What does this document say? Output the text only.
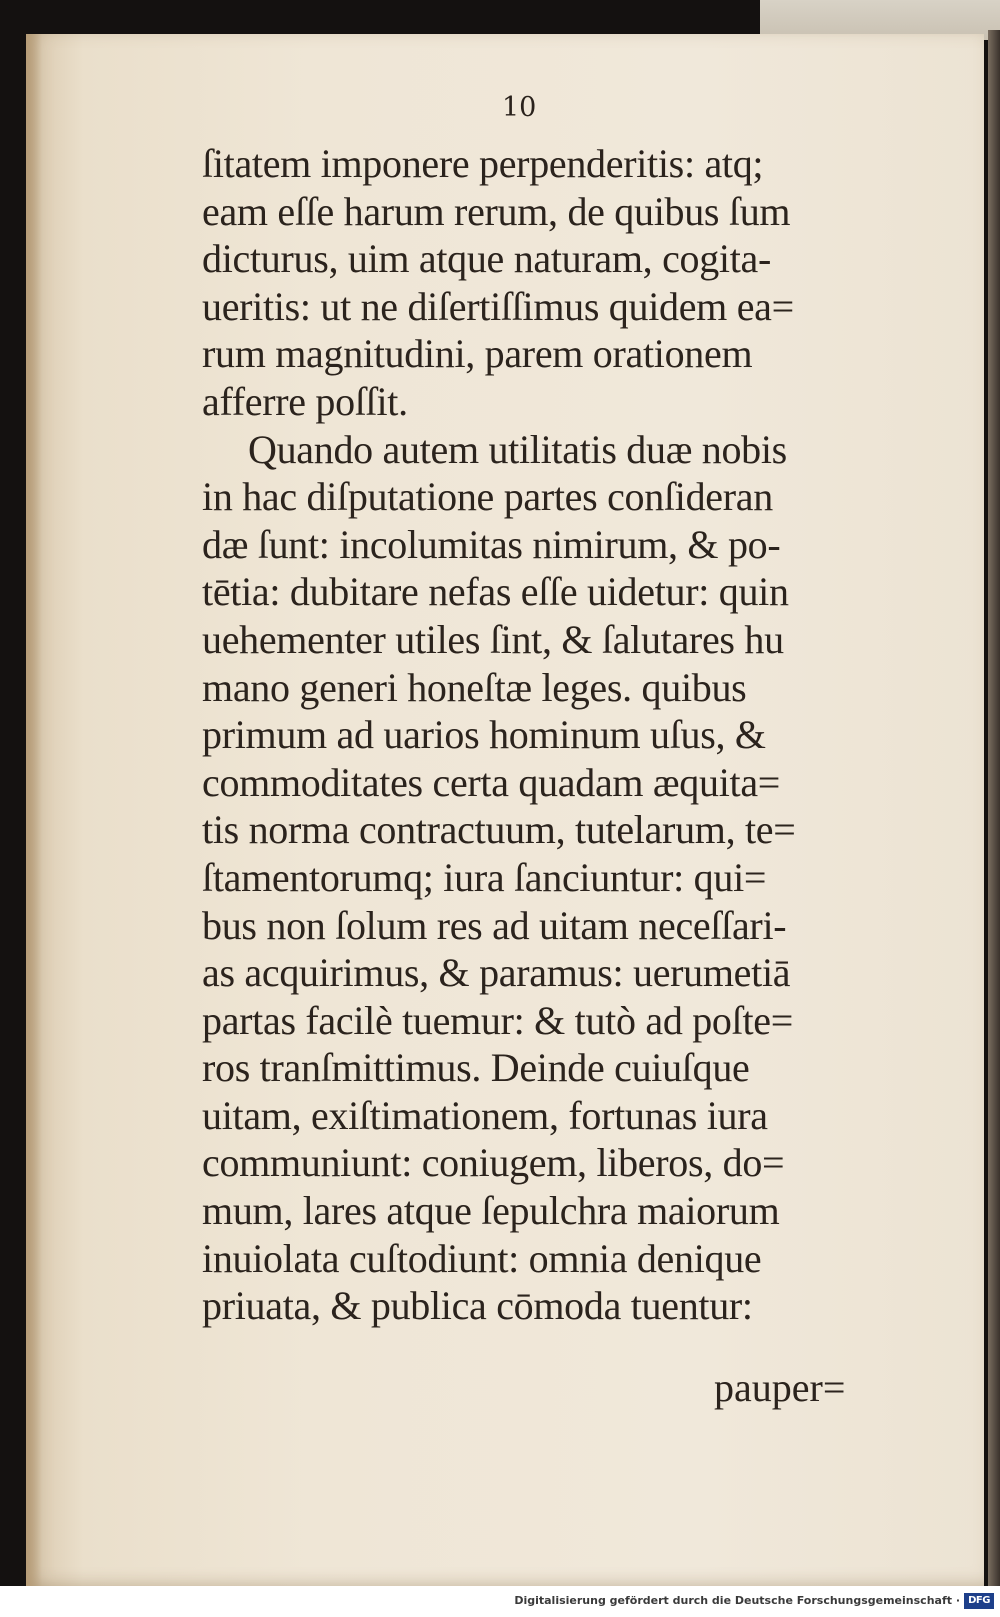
10
ſitatem imponere perpenderitis: atq;
eam eſſe harum rerum, de quibus ſum
dicturus, uim atque naturam, cogita-
ueritis: ut ne diſertiſſimus quidem ea=
rum magnitudini, parem orationem
afferre poſſit.
Quando autem utilitatis duæ nobis
in hac diſputatione partes conſideran
dæ ſunt: incolumitas nimirum, & po-
tētia: dubitare nefas eſſe uidetur: quin
uehementer utiles ſint, & ſalutares hu
mano generi honeſtæ leges. quibus
primum ad uarios hominum uſus, &
commoditates certa quadam æquita=
tis norma contractuum, tutelarum, te=
ſtamentorumq; iura ſanciuntur: qui=
bus non ſolum res ad uitam neceſſari-
as acquirimus, & paramus: uerumetiā
partas facilè tuemur: & tutò ad poſte=
ros tranſmittimus. Deinde cuiuſque
uitam, exiſtimationem, fortunas iura
communiunt: coniugem, liberos, do=
mum, lares atque ſepulchra maiorum
inuiolata cuſtodiunt: omnia denique
priuata, & publica cōmoda tuentur:
pauper=
Digitalisierung gefördert durch die Deutsche Forschungsgemeinschaft · DFG
